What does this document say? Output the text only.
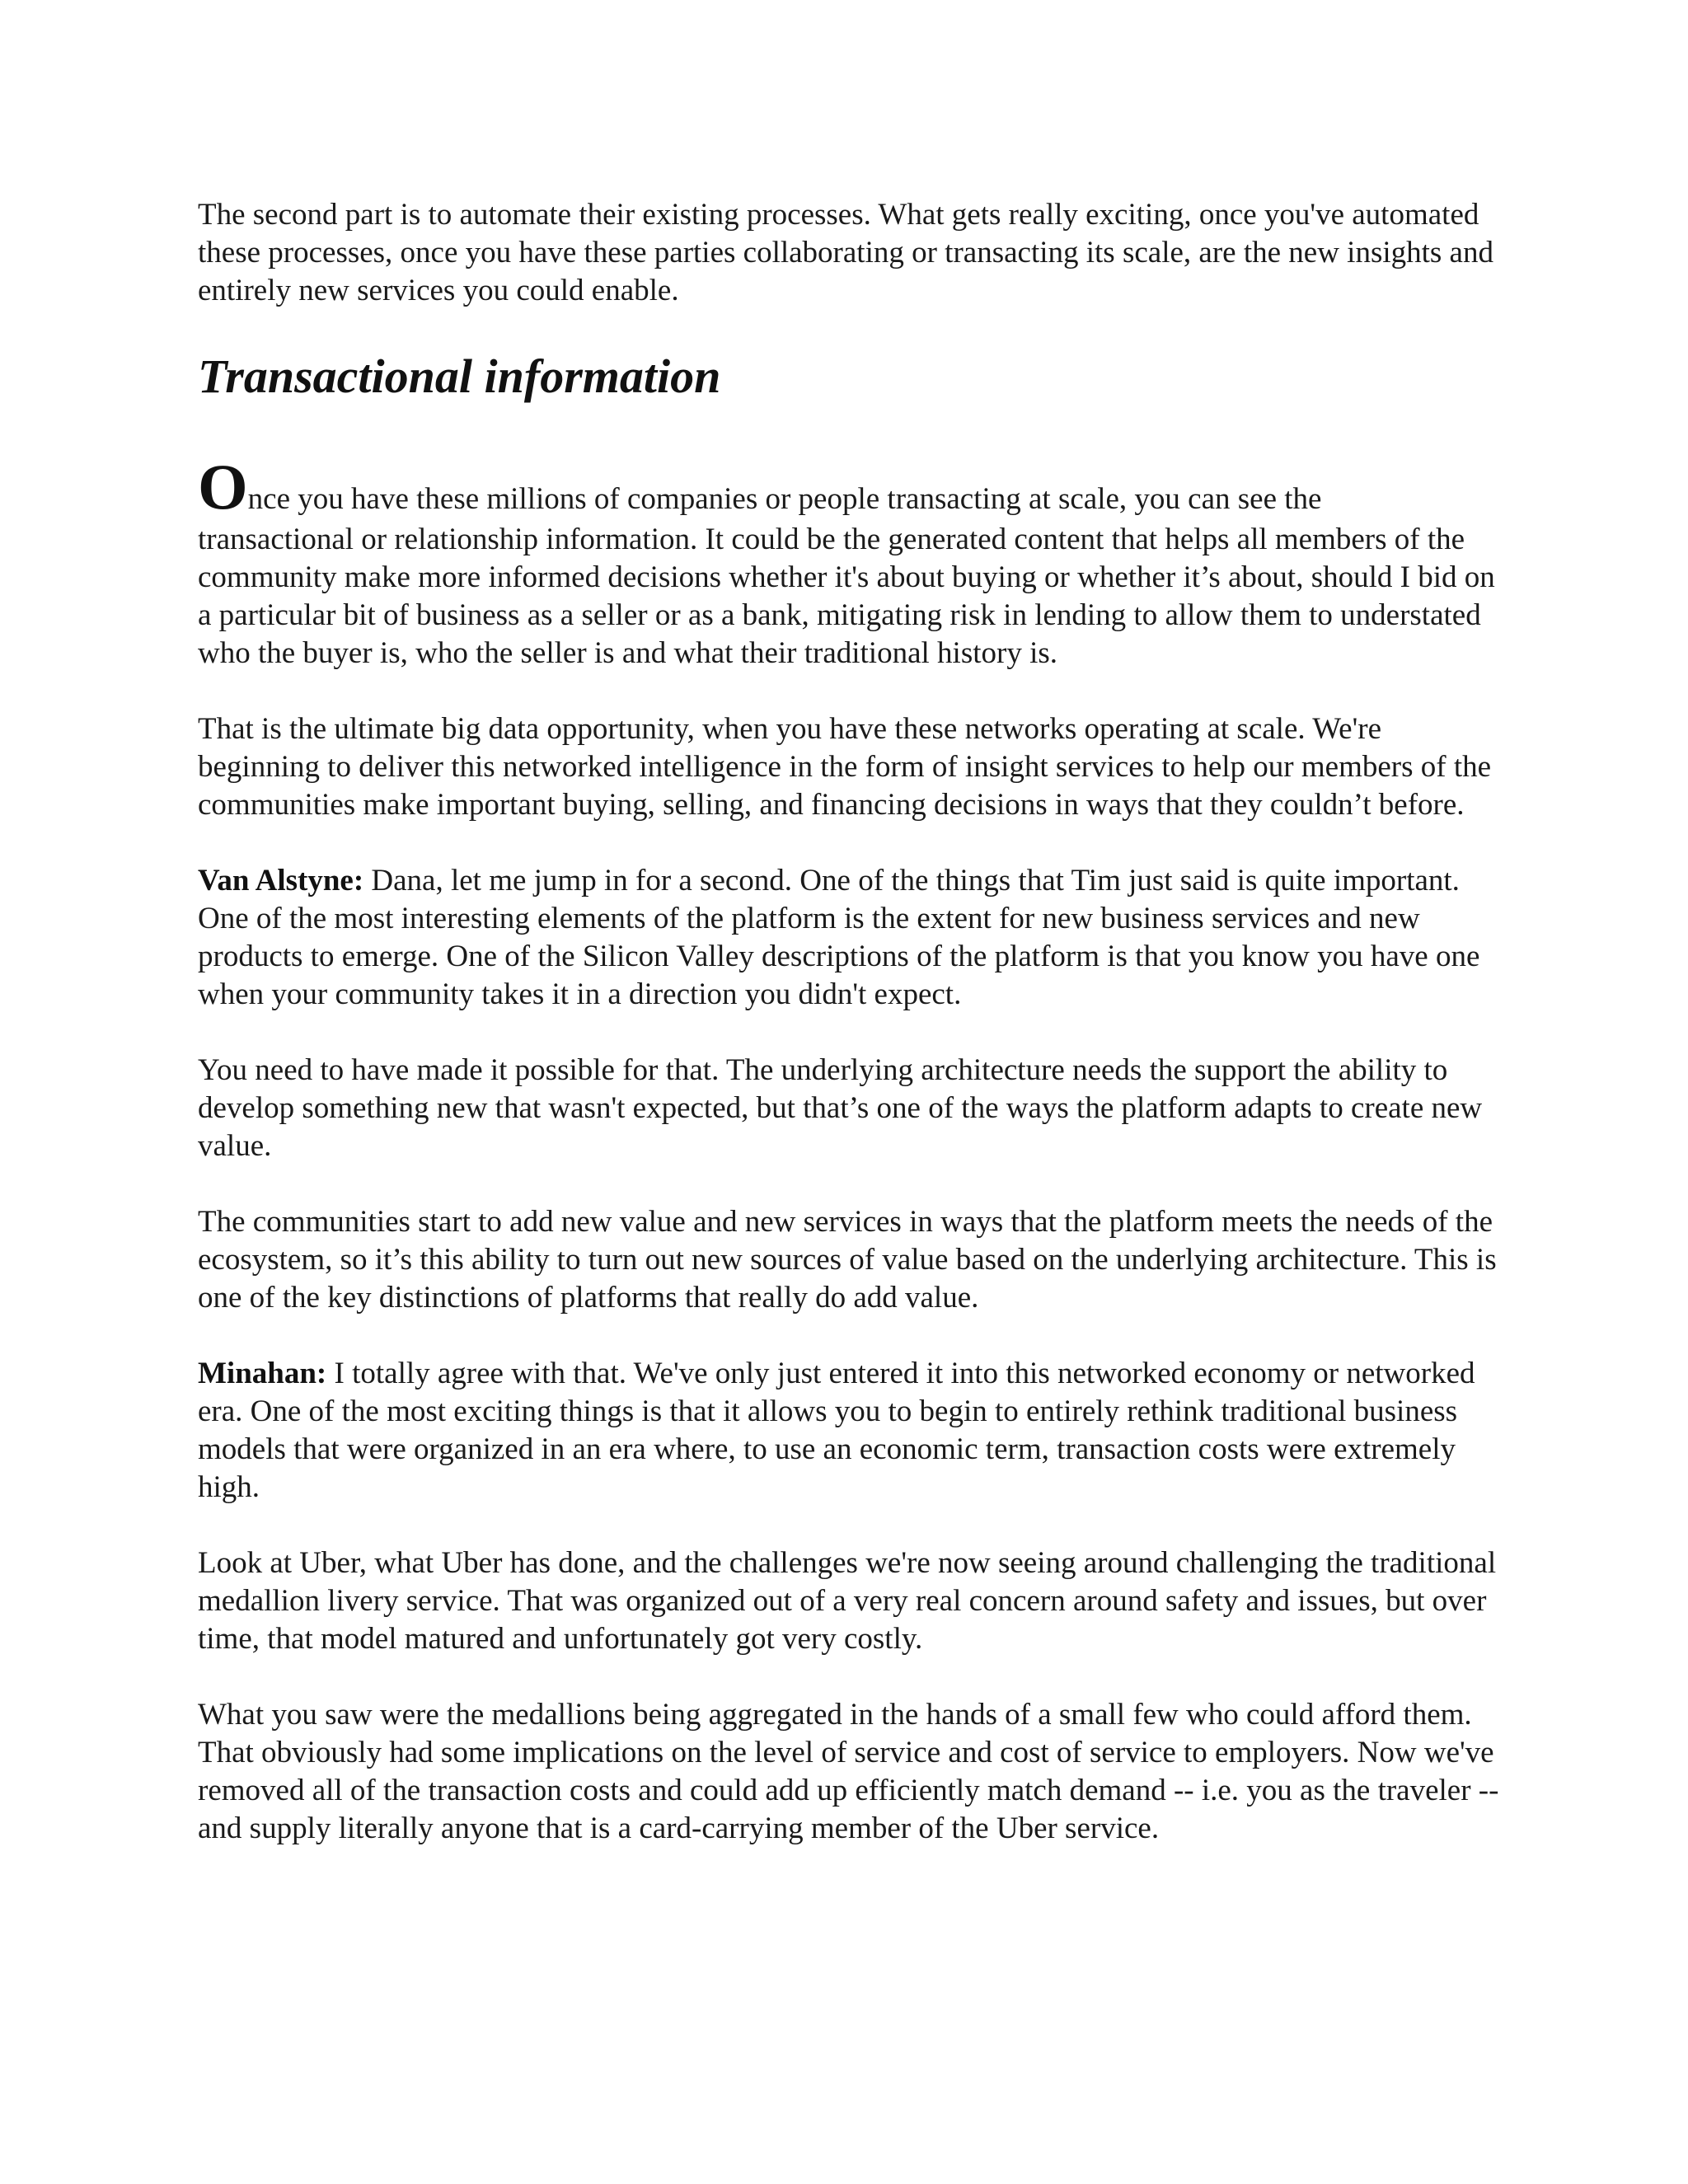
The second part is to automate their existing processes. What gets really exciting, once you've automated these processes, once you have these parties collaborating or transacting its scale, are the new insights and entirely new services you could enable.

Transactional information

Once you have these millions of companies or people transacting at scale, you can see the
transactional or relationship information. It could be the generated content that helps all members of the community make more informed decisions whether it's about buying or whether it’s about, should I bid on a particular bit of business as a seller or as a bank, mitigating risk in lending to allow them to understated who the buyer is, who the seller is and what their traditional history is.

That is the ultimate big data opportunity, when you have these networks operating at scale. We're beginning to deliver this networked intelligence in the form of insight services to help our members of the communities make important buying, selling, and financing decisions in ways that they couldn’t before.

Van Alstyne: Dana, let me jump in for a second. One of the things that Tim just said is quite important. One of the most interesting elements of the platform is the extent for new business services and new products to emerge. One of the Silicon Valley descriptions of the platform is that you know you have one when your community takes it in a direction you didn't expect.

You need to have made it possible for that. The underlying architecture needs the support the ability to develop something new that wasn't expected, but that’s one of the ways the platform adapts to create new value.

The communities start to add new value and new services in ways that the platform meets the needs of the ecosystem, so it’s this ability to turn out new sources of value based on the underlying architecture. This is one of the key distinctions of platforms that really do add value.

Minahan: I totally agree with that. We've only just entered it into this networked economy or networked era. One of the most exciting things is that it allows you to begin to entirely rethink traditional business models that were organized in an era where, to use an economic term, transaction costs were extremely high.

Look at Uber, what Uber has done, and the challenges we're now seeing around challenging the traditional medallion livery service. That was organized out of a very real concern around safety and issues, but over time, that model matured and unfortunately got very costly.

What you saw were the medallions being aggregated in the hands of a small few who could afford them. That obviously had some implications on the level of service and cost of service to employers. Now we've removed all of the transaction costs and could add up efficiently match demand -- i.e. you as the traveler -- and supply literally anyone that is a card-carrying member of the Uber service.
